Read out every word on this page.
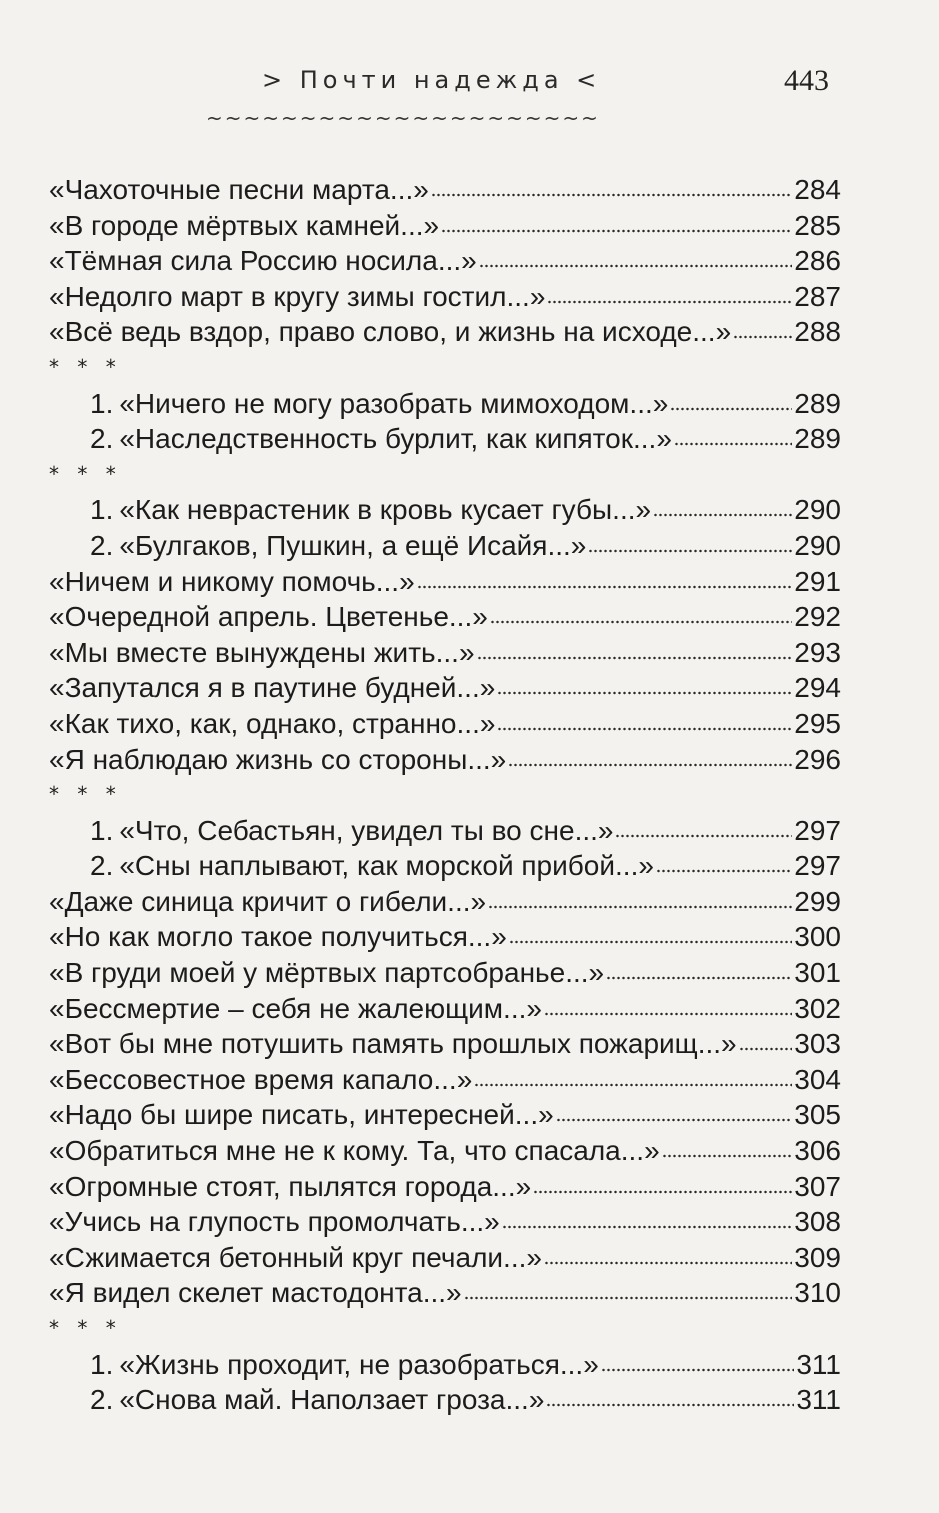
> Почти надежда <	443
~~~~~~~~~~~~~~~~~~~~~
«Чахоточные песни марта...»	284
«В городе мёртвых камней...»	285
«Тёмная сила Россию носила...»	286
«Недолго март в кругу зимы гостил...»	287
«Всё ведь вздор, право слово, и жизнь на исходе...» 288
* * *
1. «Ничего не могу разобрать мимоходом...»	289
2. «Наследственность бурлит, как кипяток...»	289
* * *
1. «Как неврастеник в кровь кусает губы...»	290
2. «Булгаков, Пушкин, а ещё Исайя...»	290
«Ничем и никому помочь...»	291
«Очередной апрель. Цветенье...»	292
«Мы вместе вынуждены жить...»	293
«Запутался я в паутине будней...»	294
«Как тихо, как, однако, странно...»	295
«Я наблюдаю жизнь со стороны...»	296
* * *
1. «Что, Себастьян, увидел ты во сне...»	297
2. «Сны наплывают, как морской прибой...»	297
«Даже синица кричит о гибели...»	299
«Но как могло такое получиться...»	300
«В груди моей у мёртвых партсобранье...»	301
«Бессмертие – себя не жалеющим...»	302
«Вот бы мне потушить память прошлых пожарищ...» 303
«Бессовестное время капало...»	304
«Надо бы шире писать, интересней...»	305
«Обратиться мне не к кому. Та, что спасала...»	306
«Огромные стоят, пылятся города...»	307
«Учись на глупость промолчать...»	308
«Сжимается бетонный круг печали...»	309
«Я видел скелет мастодонта...»	310
* * *
1. «Жизнь проходит, не разобраться...»	311
2. «Снова май. Наползает гроза...»	311
